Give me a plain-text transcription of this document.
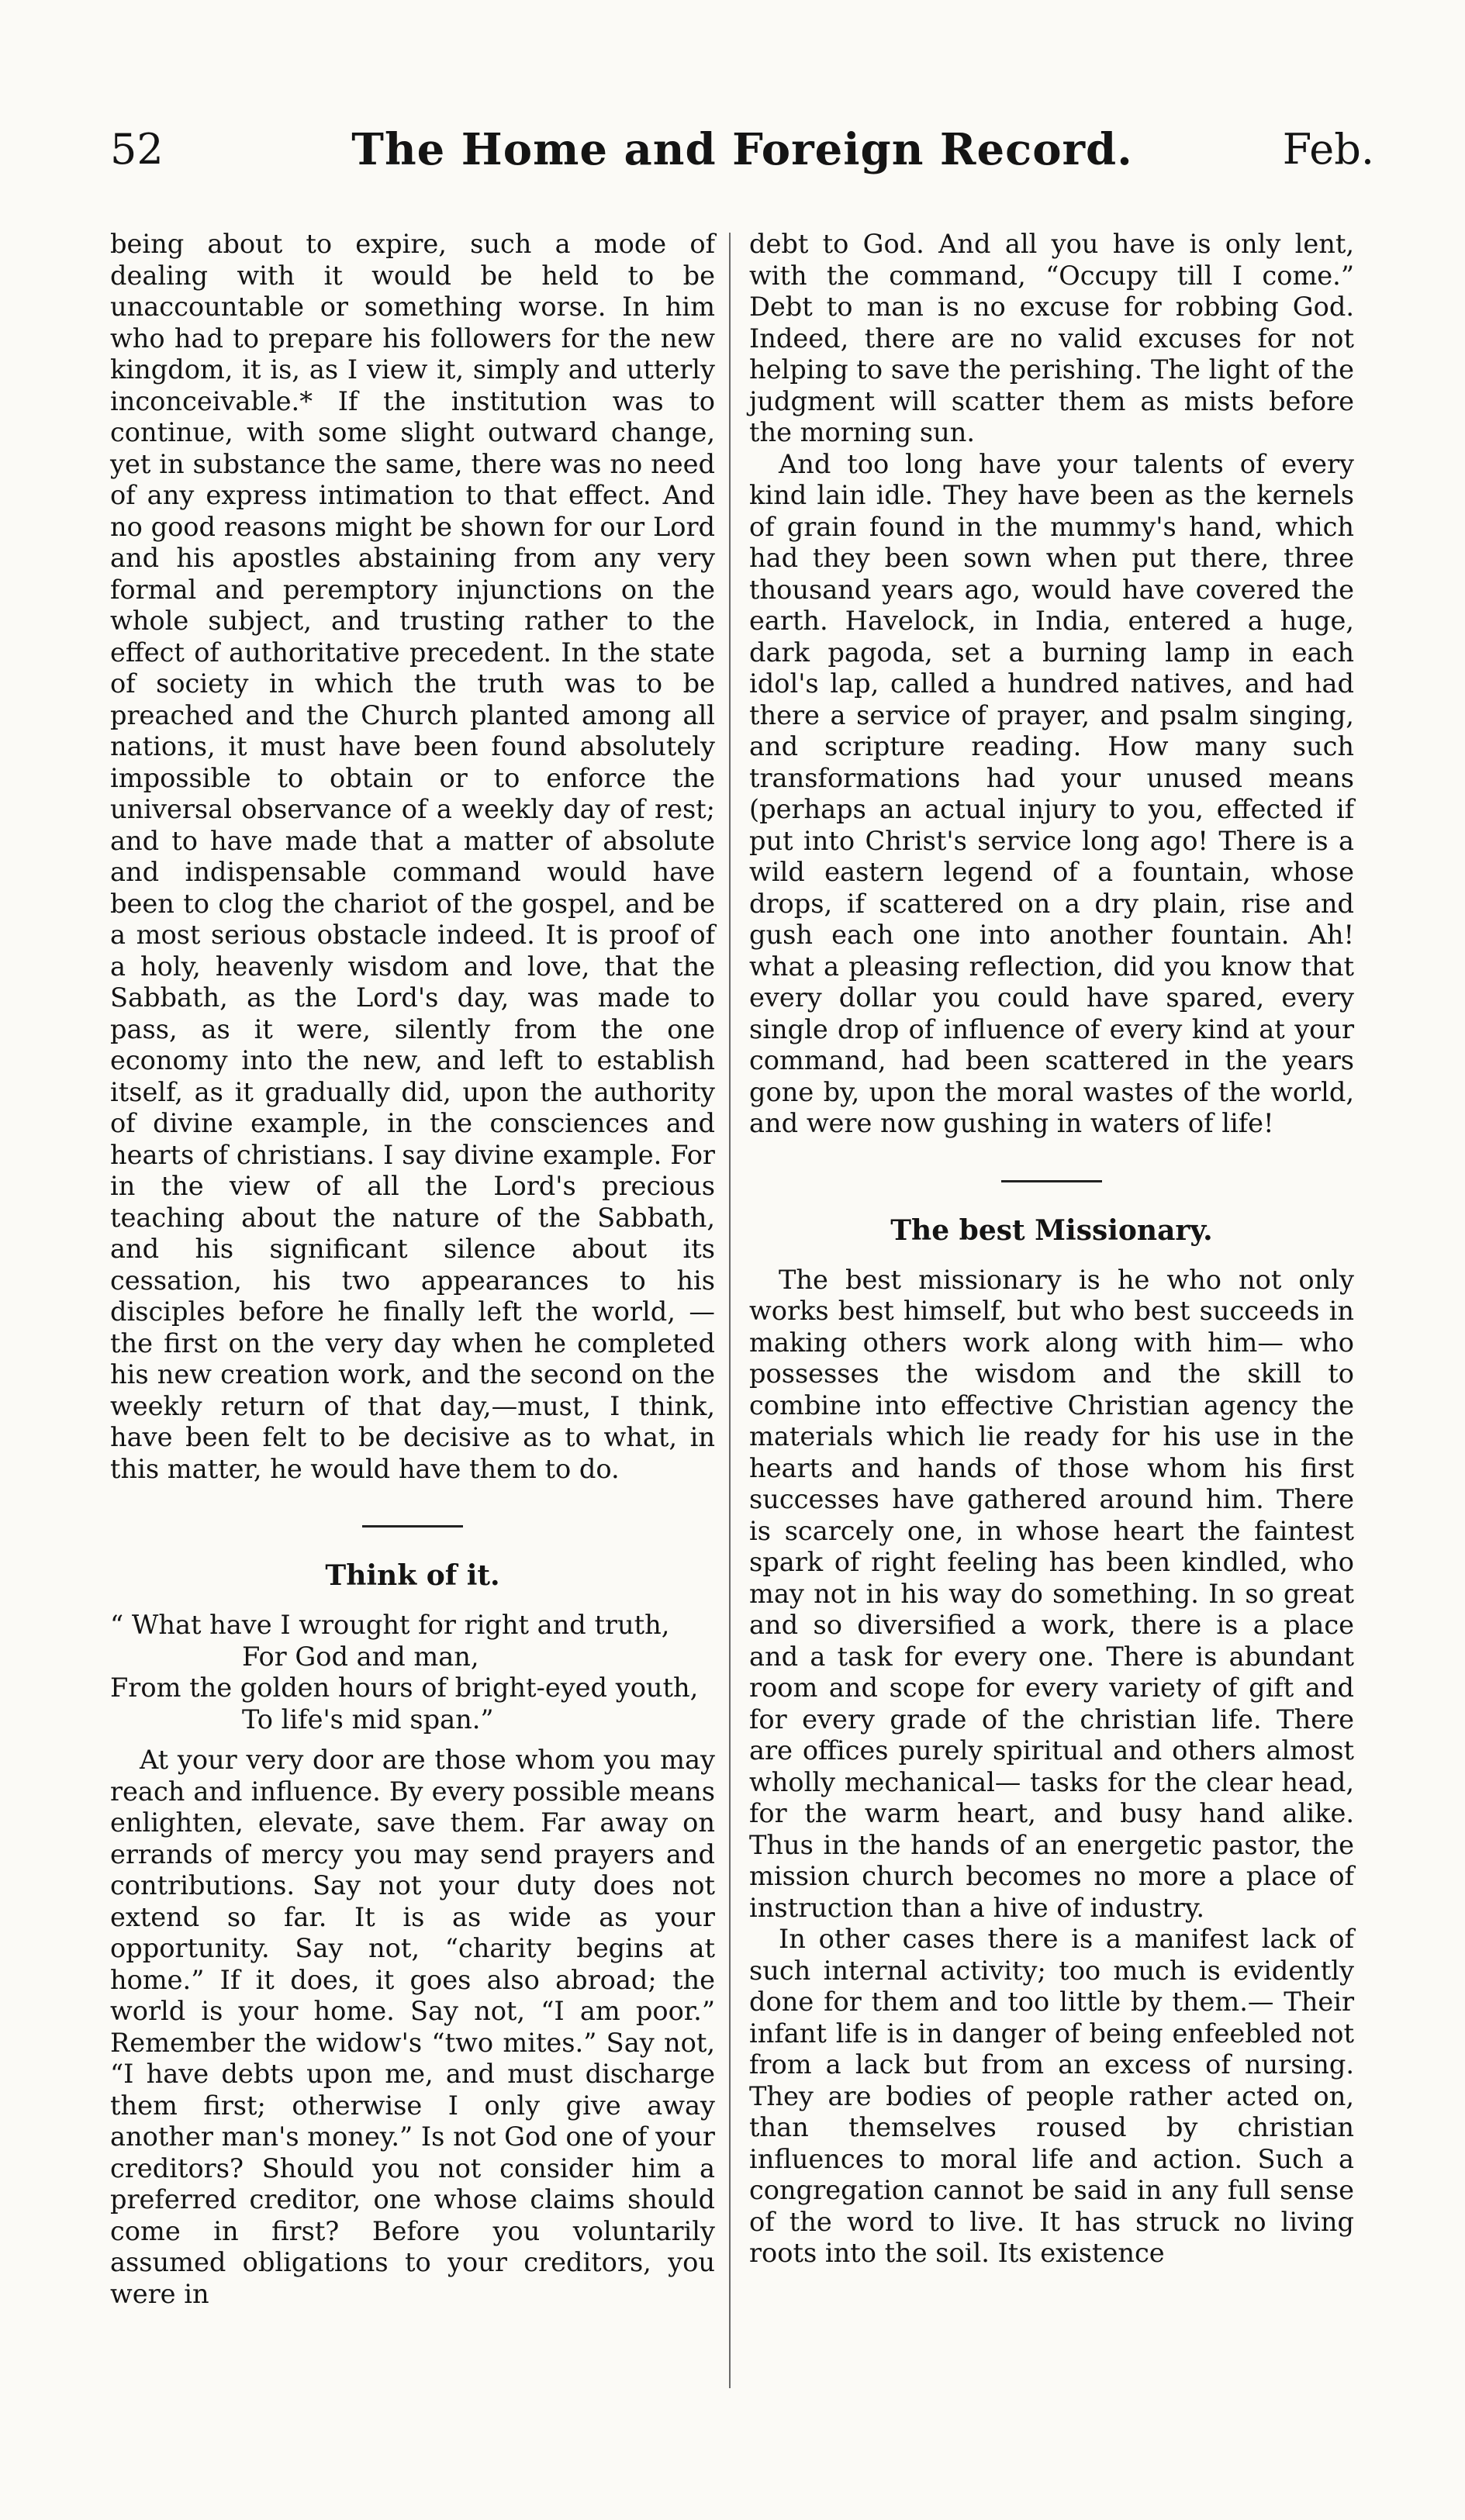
52	The Home and Foreign Record.	Feb.

being about to expire, such a mode of dealing with it would be held to be unaccountable or something worse. In him who had to prepare his followers for the new kingdom, it is, as I view it, simply and utterly inconceivable.* If the institution was to continue, with some slight outward change, yet in substance the same, there was no need of any express intimation to that effect. And no good reasons might be shown for our Lord and his apostles abstaining from any very formal and peremptory injunctions on the whole subject, and trusting rather to the effect of authoritative precedent. In the state of society in which the truth was to be preached and the Church planted among all nations, it must have been found absolutely impossible to obtain or to enforce the universal observance of a weekly day of rest; and to have made that a matter of absolute and indispensable command would have been to clog the chariot of the gospel, and be a most serious obstacle indeed. It is proof of a holy, heavenly wisdom and love, that the Sabbath, as the Lord's day, was made to pass, as it were, silently from the one economy into the new, and left to establish itself, as it gradually did, upon the authority of divine example, in the consciences and hearts of christians. I say divine example. For in the view of all the Lord's precious teaching about the nature of the Sabbath, and his significant silence about its cessation, his two appearances to his disciples before he finally left the world, —the first on the very day when he completed his new creation work, and the second on the weekly return of that day,—must, I think, have been felt to be decisive as to what, in this matter, he would have them to do.

Think of it.
“ What have I wrought for right and truth,
For God and man,
From the golden hours of bright-eyed youth,
To life's mid span.”

At your very door are those whom you may reach and influence. By every possible means enlighten, elevate, save them. Far away on errands of mercy you may send prayers and contributions. Say not your duty does not extend so far. It is as wide as your opportunity. Say not, “charity begins at home.” If it does, it goes also abroad; the world is your home. Say not, “I am poor.” Remember the widow's “two mites.” Say not, “I have debts upon me, and must discharge them first; otherwise I only give away another man's money.” Is not God one of your creditors? Should you not consider him a preferred creditor, one whose claims should come in first? Before you voluntarily assumed obligations to your creditors, you were in

debt to God. And all you have is only lent, with the command, “Occupy till I come.” Debt to man is no excuse for robbing God. Indeed, there are no valid excuses for not helping to save the perishing. The light of the judgment will scatter them as mists before the morning sun.

And too long have your talents of every kind lain idle. They have been as the kernels of grain found in the mummy's hand, which had they been sown when put there, three thousand years ago, would have covered the earth. Havelock, in India, entered a huge, dark pagoda, set a burning lamp in each idol's lap, called a hundred natives, and had there a service of prayer, and psalm singing, and scripture reading. How many such transformations had your unused means (perhaps an actual injury to you, effected if put into Christ's service long ago! There is a wild eastern legend of a fountain, whose drops, if scattered on a dry plain, rise and gush each one into another fountain. Ah! what a pleasing reflection, did you know that every dollar you could have spared, every single drop of influence of every kind at your command, had been scattered in the years gone by, upon the moral wastes of the world, and were now gushing in waters of life!

The best Missionary.

The best missionary is he who not only works best himself, but who best succeeds in making others work along with him— who possesses the wisdom and the skill to combine into effective Christian agency the materials which lie ready for his use in the hearts and hands of those whom his first successes have gathered around him. There is scarcely one, in whose heart the faintest spark of right feeling has been kindled, who may not in his way do something. In so great and so diversified a work, there is a place and a task for every one. There is abundant room and scope for every variety of gift and for every grade of the christian life. There are offices purely spiritual and others almost wholly mechanical— tasks for the clear head, for the warm heart, and busy hand alike. Thus in the hands of an energetic pastor, the mission church becomes no more a place of instruction than a hive of industry.

In other cases there is a manifest lack of such internal activity; too much is evidently done for them and too little by them.— Their infant life is in danger of being enfeebled not from a lack but from an excess of nursing. They are bodies of people rather acted on, than themselves roused by christian influences to moral life and action. Such a congregation cannot be said in any full sense of the word to live. It has struck no living roots into the soil. Its existence
